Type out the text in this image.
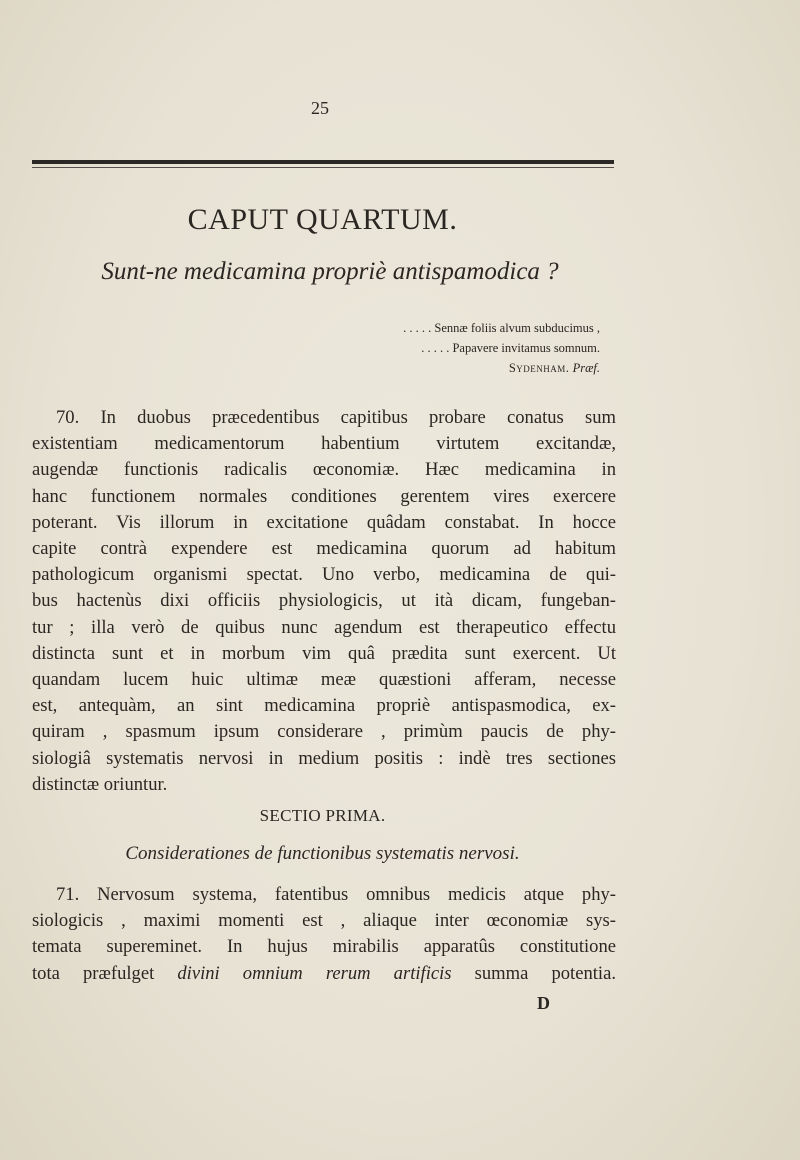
25
CAPUT QUARTUM.
Sunt-ne medicamina propriè antispamodica ?
. . . . . Sennæ foliis alvum subducimus ,
. . . . . Papavere invitamus somnum.
Sydenham. Præf.
70. In duobus præcedentibus capitibus probare conatus sum
existentiam medicamentorum habentium virtutem excitandæ,
augendæ functionis radicalis œconomiæ. Hæc medicamina in
hanc functionem normales conditiones gerentem vires exercere
poterant. Vis illorum in excitatione quâdam constabat. In hocce
capite contrà expendere est medicamina quorum ad habitum
pathologicum organismi spectat. Uno verbo, medicamina de qui-
bus hactenùs dixi officiis physiologicis, ut ità dicam, fungeban-
tur ; illa verò de quibus nunc agendum est therapeutico effectu
distincta sunt et in morbum vim quâ prædita sunt exercent. Ut
quandam lucem huic ultimæ meæ quæstioni afferam, necesse
est, antequàm, an sint medicamina propriè antispasmodica, ex-
quiram , spasmum ipsum considerare , primùm paucis de phy-
siologiâ systematis nervosi in medium positis : indè tres sectiones
distinctæ oriuntur.
SECTIO PRIMA.
Considerationes de functionibus systematis nervosi.
71. Nervosum systema, fatentibus omnibus medicis atque phy-
siologicis , maximi momenti est , aliaque inter œconomiæ sys-
temata supereminet. In hujus mirabilis apparatûs constitutione
tota præfulget divini omnium rerum artificis summa potentia.
D
